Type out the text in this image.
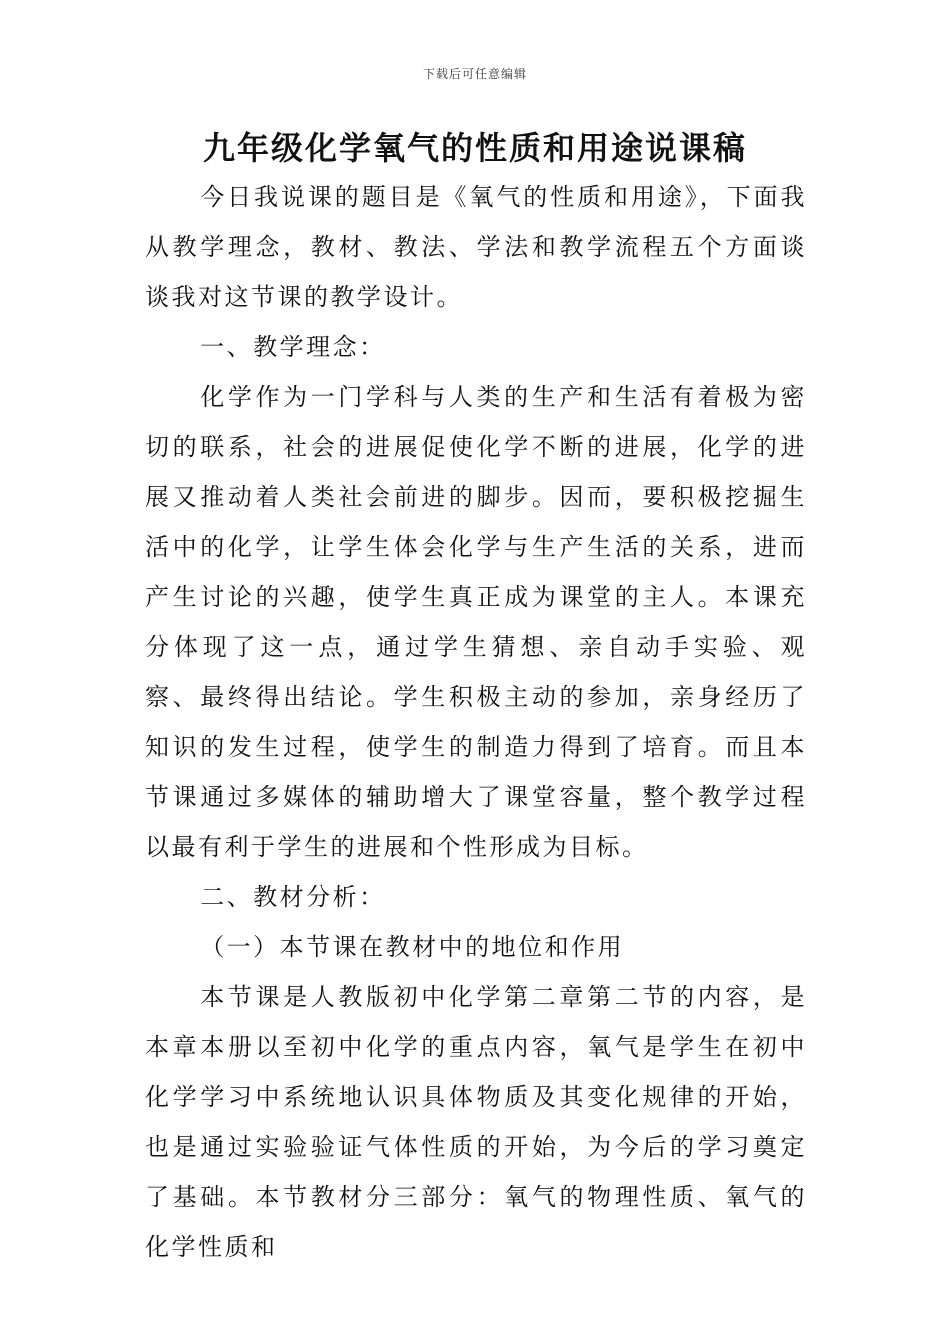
下载后可任意编辑
九年级化学氧气的性质和用途说课稿

今日我说课的题目是《氧气的性质和用途》，下面我从教学理念，教材、教法、学法和教学流程五个方面谈谈我对这节课的教学设计。

一、教学理念：

化学作为一门学科与人类的生产和生活有着极为密切的联系，社会的进展促使化学不断的进展，化学的进展又推动着人类社会前进的脚步。因而，要积极挖掘生活中的化学，让学生体会化学与生产生活的关系，进而产生讨论的兴趣，使学生真正成为课堂的主人。本课充分体现了这一点，通过学生猜想、亲自动手实验、观察、最终得出结论。学生积极主动的参加，亲身经历了知识的发生过程，使学生的制造力得到了培育。而且本节课通过多媒体的辅助增大了课堂容量，整个教学过程以最有利于学生的进展和个性形成为目标。

二、教材分析：

（一）本节课在教材中的地位和作用

本节课是人教版初中化学第二章第二节的内容，是本章本册以至初中化学的重点内容，氧气是学生在初中化学学习中系统地认识具体物质及其变化规律的开始，也是通过实验验证气体性质的开始，为今后的学习奠定了基础。本节教材分三部分：氧气的物理性质、氧气的化学性质和
